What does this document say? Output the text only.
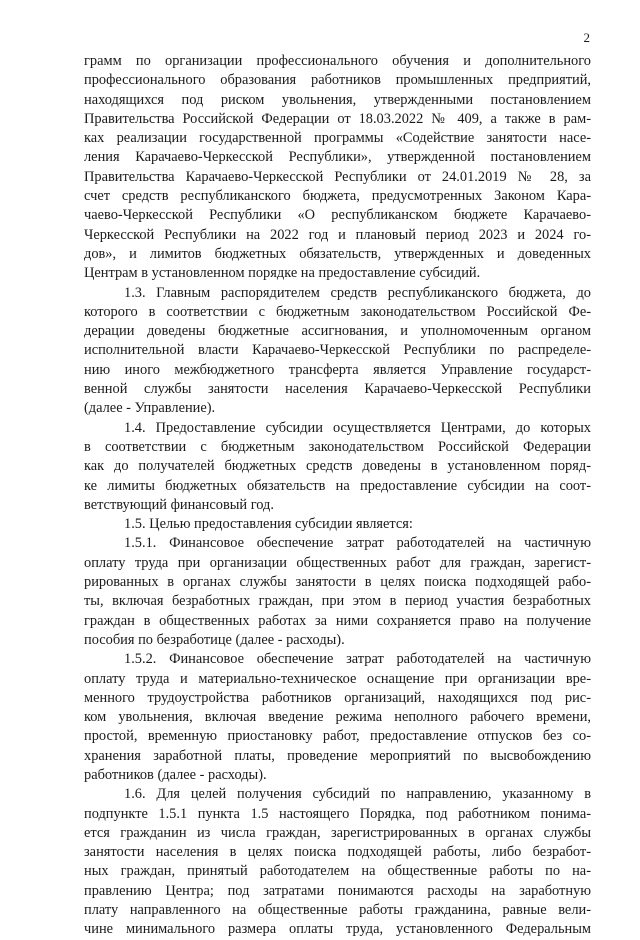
2
грамм по организации профессионального обучения и дополнительного
профессионального образования работников промышленных предприятий,
находящихся под риском увольнения, утвержденными постановлением
Правительства Российской Федерации от 18.03.2022 № 409, а также в рам-
ках реализации государственной программы «Содействие занятости насе-
ления Карачаево-Черкесской Республики», утвержденной постановлением
Правительства Карачаево-Черкесской Республики от 24.01.2019 № 28, за
счет средств республиканского бюджета, предусмотренных Законом Кара-
чаево-Черкесской Республики «О республиканском бюджете Карачаево-
Черкесской Республики на 2022 год и плановый период 2023 и 2024 го-
дов», и лимитов бюджетных обязательств, утвержденных и доведенных
Центрам в установленном порядке на предоставление субсидий.
1.3. Главным распорядителем средств республиканского бюджета, до
которого в соответствии с бюджетным законодательством Российской Фе-
дерации доведены бюджетные ассигнования, и уполномоченным органом
исполнительной власти Карачаево-Черкесской Республики по распределе-
нию иного межбюджетного трансферта является Управление государст-
венной службы занятости населения Карачаево-Черкесской Республики
(далее - Управление).
1.4. Предоставление субсидии осуществляется Центрами, до которых
в соответствии с бюджетным законодательством Российской Федерации
как до получателей бюджетных средств доведены в установленном поряд-
ке лимиты бюджетных обязательств на предоставление субсидии на соот-
ветствующий финансовый год.
1.5. Целью предоставления субсидии является:
1.5.1. Финансовое обеспечение затрат работодателей на частичную
оплату труда при организации общественных работ для граждан, зарегист-
рированных в органах службы занятости в целях поиска подходящей рабо-
ты, включая безработных граждан, при этом в период участия безработных
граждан в общественных работах за ними сохраняется право на получение
пособия по безработице (далее - расходы).
1.5.2. Финансовое обеспечение затрат работодателей на частичную
оплату труда и материально-техническое оснащение при организации вре-
менного трудоустройства работников организаций, находящихся под рис-
ком увольнения, включая введение режима неполного рабочего времени,
простой, временную приостановку работ, предоставление отпусков без со-
хранения заработной платы, проведение мероприятий по высвобождению
работников (далее - расходы).
1.6. Для целей получения субсидий по направлению, указанному в
подпункте 1.5.1 пункта 1.5 настоящего Порядка, под работником понима-
ется гражданин из числа граждан, зарегистрированных в органах службы
занятости населения в целях поиска подходящей работы, либо безработ-
ных граждан, принятый работодателем на общественные работы по на-
правлению Центра; под затратами понимаются расходы на заработную
плату направленного на общественные работы гражданина, равные вели-
чине минимального размера оплаты труда, установленного Федеральным
